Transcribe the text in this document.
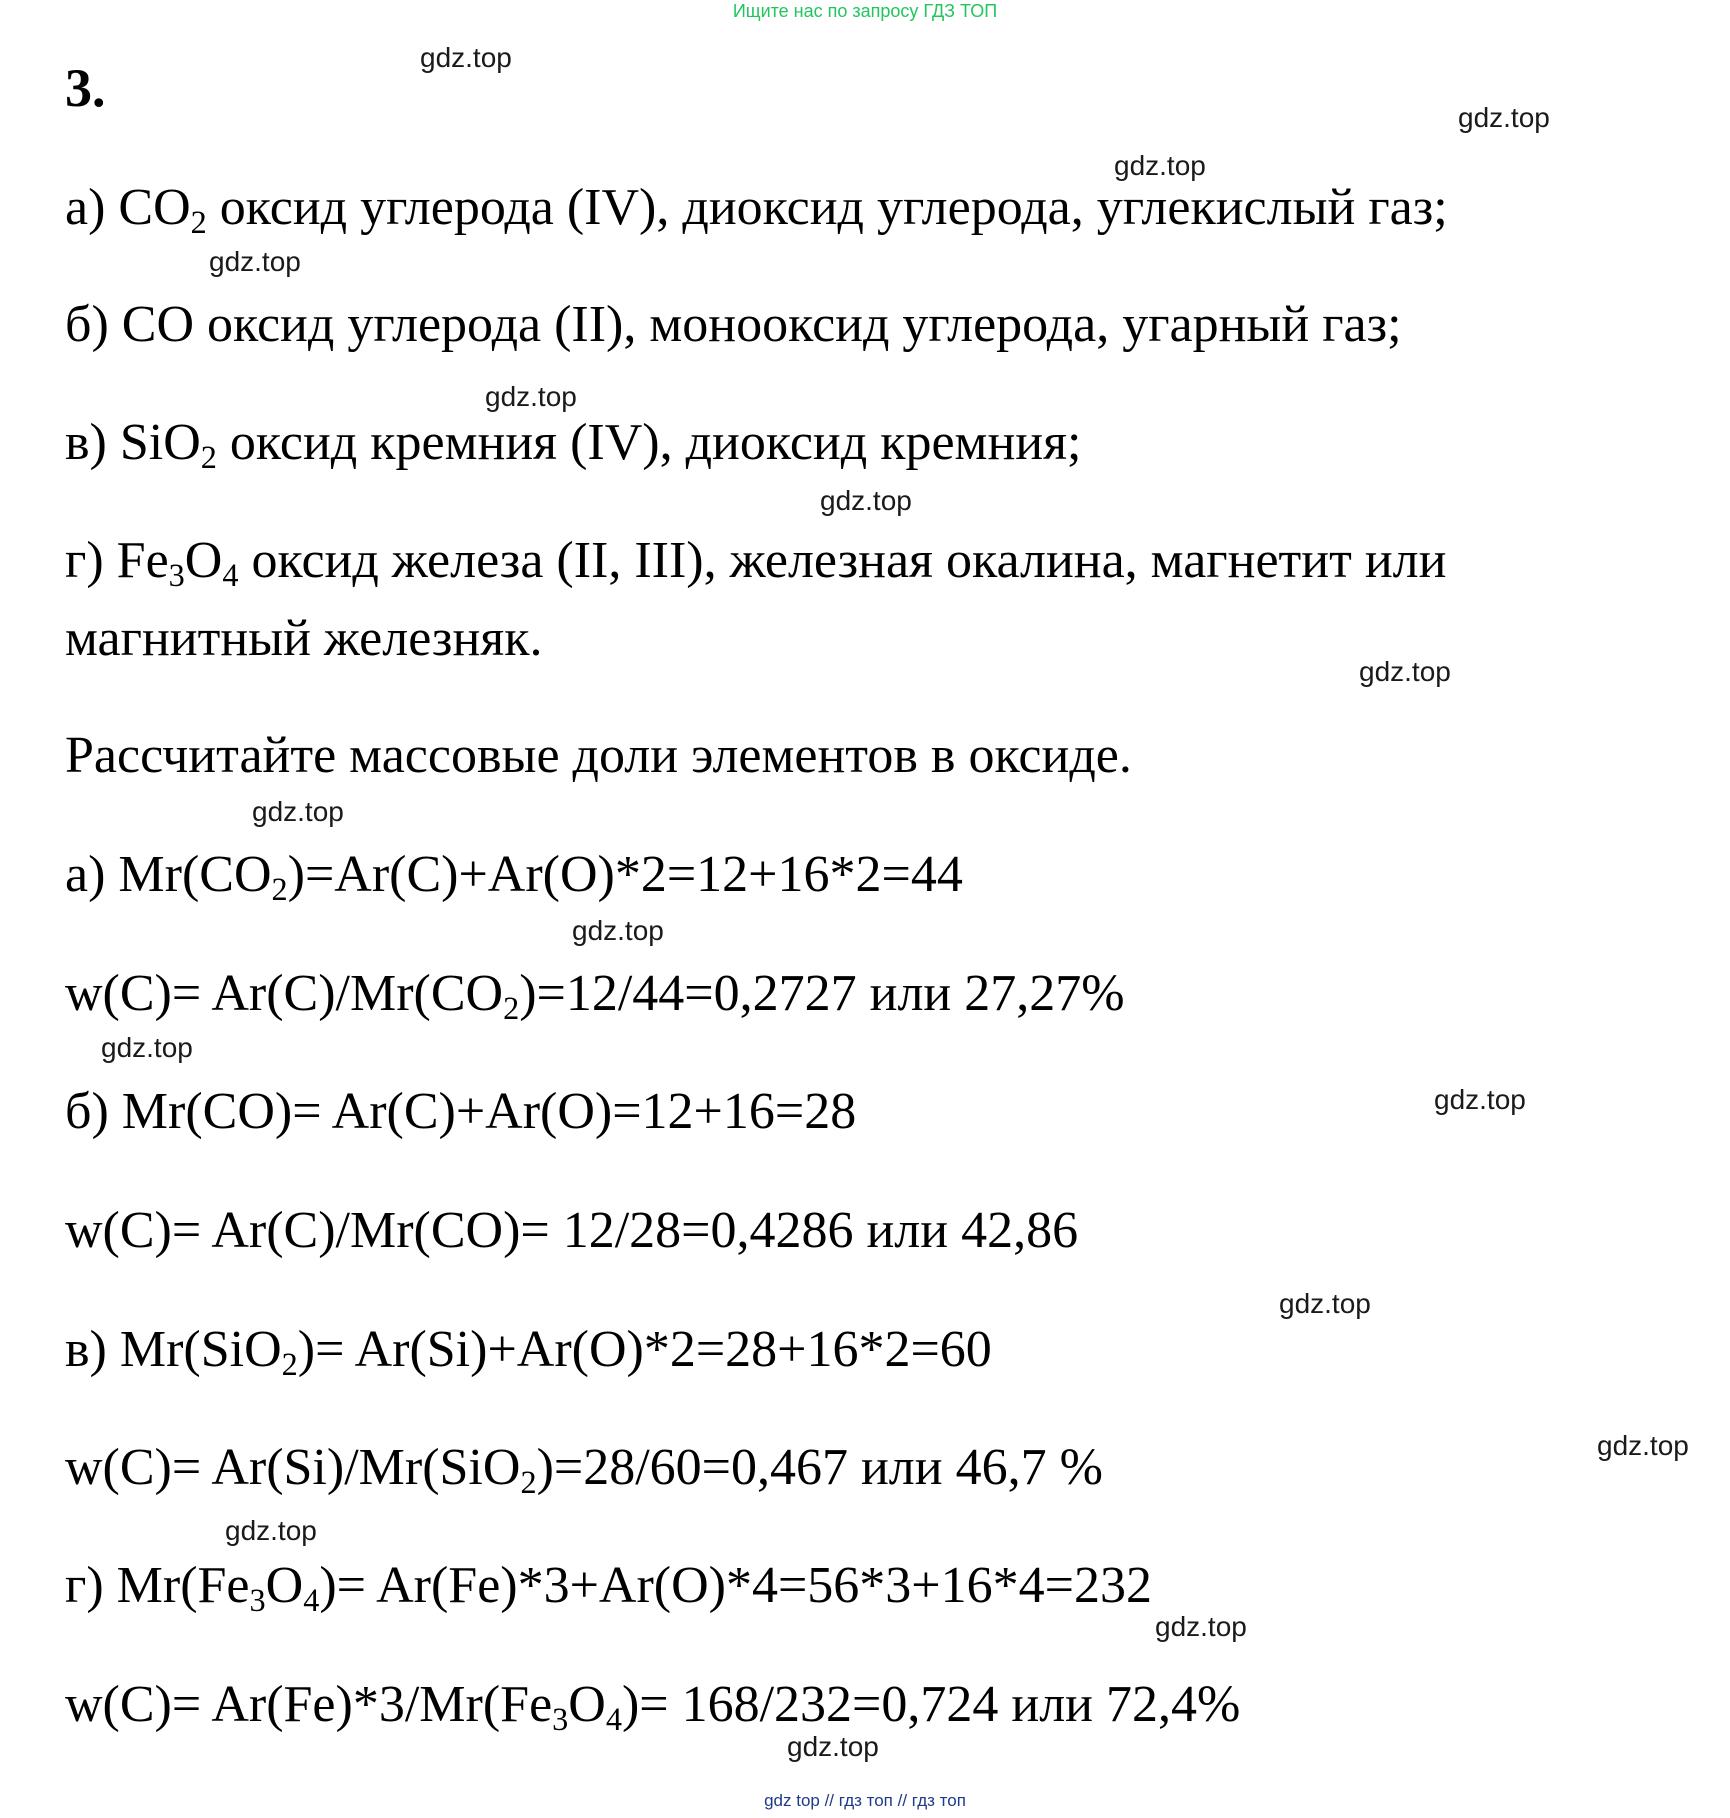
Ищите нас по запросу ГДЗ ТОП
3.
а) $CO_2$ оксид углерода (IV), диоксид углерода, углекислый газ;
б) CO оксид углерода (II), монооксид углерода, угарный газ;
в) SiO$_2$ оксид кремния (IV), диоксид кремния;
г) $Fe_3O_4$ оксид железа (II, III), железная окалина, магнетит или
магнитный железняк.
Рассчитайте массовые доли элементов в оксиде.
а) $Mr(CO_2)=Ar(C)+Ar(O)*2=12+16*2=44$
$w(C)= Ar(C)/Mr(CO_2)=12/44=0,2727$ или 27,27%
б) Mr(CO)= Ar(C)+Ar(O)=12+16=28
w(C)= Ar(C)/Mr(CO)= 12/28=0,4286 или 42,86
в) Mr(SiO$_2$)= Ar(Si)+Ar(O)*2=28+16*2=60
w(C)= Ar(Si)/Mr(SiO$_2$)=28/60=0,467 или 46,7 %
г) $Mr(Fe_3O_4)= Ar(Fe)*3+Ar(O)*4=56*3+16*4=232$
$w(C)= Ar(Fe)*3/Mr(Fe_3O_4)= 168/232=0,724$ или 72,4%
gdz.top
gdz.top
gdz.top
gdz.top
gdz.top
gdz.top
gdz.top
gdz.top
gdz.top
gdz.top
gdz.top
gdz.top
gdz.top
gdz.top
gdz.top
gdz.top
gdz top // гдз топ // гдз топ
